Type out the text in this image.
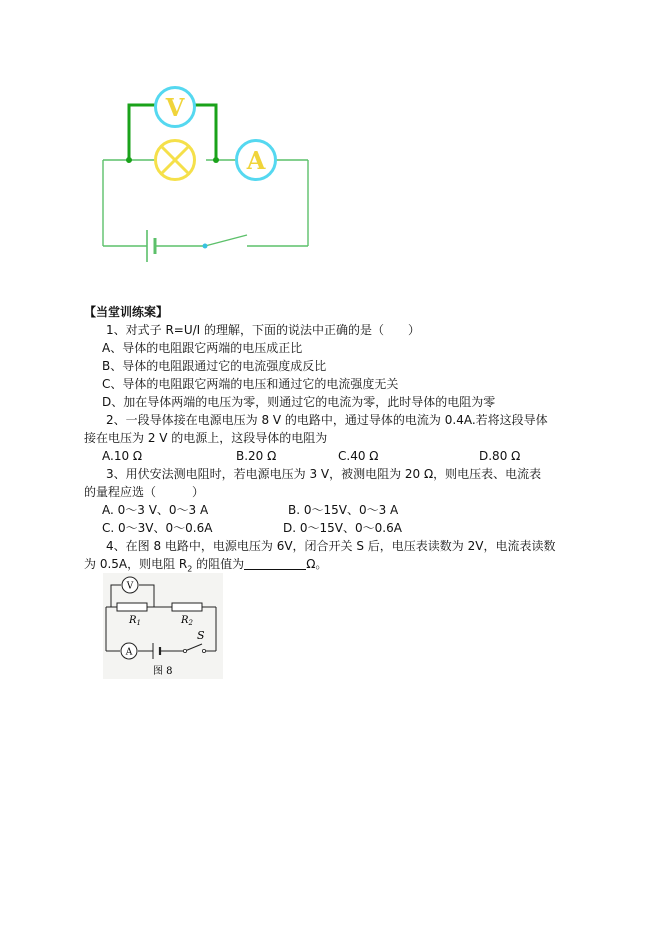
V
A
【当堂训练案】
1、对式子 R=U/I 的理解，下面的说法中正确的是（　　）
A、导体的电阻跟它两端的电压成正比
B、导体的电阻跟通过它的电流强度成反比
C、导体的电阻跟它两端的电压和通过它的电流强度无关
D、加在导体两端的电压为零，则通过它的电流为零，此时导体的电阻为零
2、一段导体接在电源电压为 8 V 的电路中，通过导体的电流为 0.4A.若将这段导体
接在电压为 2 V 的电源上，这段导体的电阻为
A.10 Ω	B.20 Ω	C.40 Ω	D.80 Ω
3、用伏安法测电阻时，若电源电压为 3 V，被测电阻为 20 Ω，则电压表、电流表
的量程应选（　　　）
A. 0～3 V、0～3 A	B. 0～15V、0～3 A
C. 0～3V、0～0.6A	D. 0～15V、0～0.6A
4、在图 8 电路中，电源电压为 6V，闭合开关 S 后，电压表读数为 2V，电流表读数
为 0.5A，则电阻 $R_2$ 的阻值为	Ω。
V
$R_1$	$R_2$
A
S
图 8
